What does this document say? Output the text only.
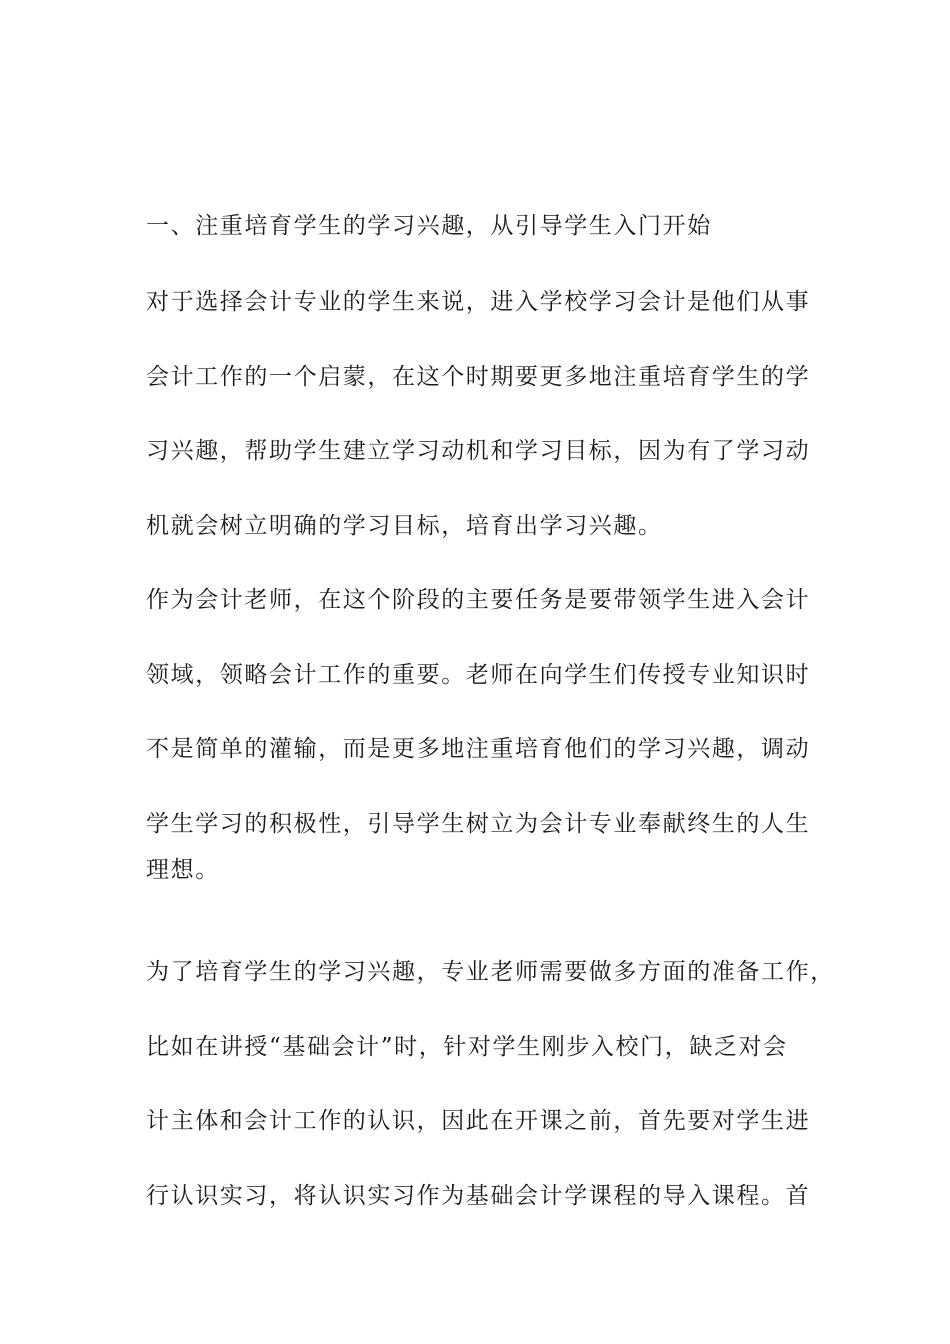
一、注重培育学生的学习兴趣，从引导学生入门开始
对于选择会计专业的学生来说，进入学校学习会计是他们从事
会计工作的一个启蒙，在这个时期要更多地注重培育学生的学
习兴趣，帮助学生建立学习动机和学习目标，因为有了学习动
机就会树立明确的学习目标，培育出学习兴趣。
作为会计老师，在这个阶段的主要任务是要带领学生进入会计
领域，领略会计工作的重要。老师在向学生们传授专业知识时
不是简单的灌输，而是更多地注重培育他们的学习兴趣，调动
学生学习的积极性，引导学生树立为会计专业奉献终生的人生
理想。
为了培育学生的学习兴趣，专业老师需要做多方面的准备工作，
比如在讲授“基础会计”时，针对学生刚步入校门，缺乏对会
计主体和会计工作的认识，因此在开课之前，首先要对学生进
行认识实习，将认识实习作为基础会计学课程的导入课程。首
